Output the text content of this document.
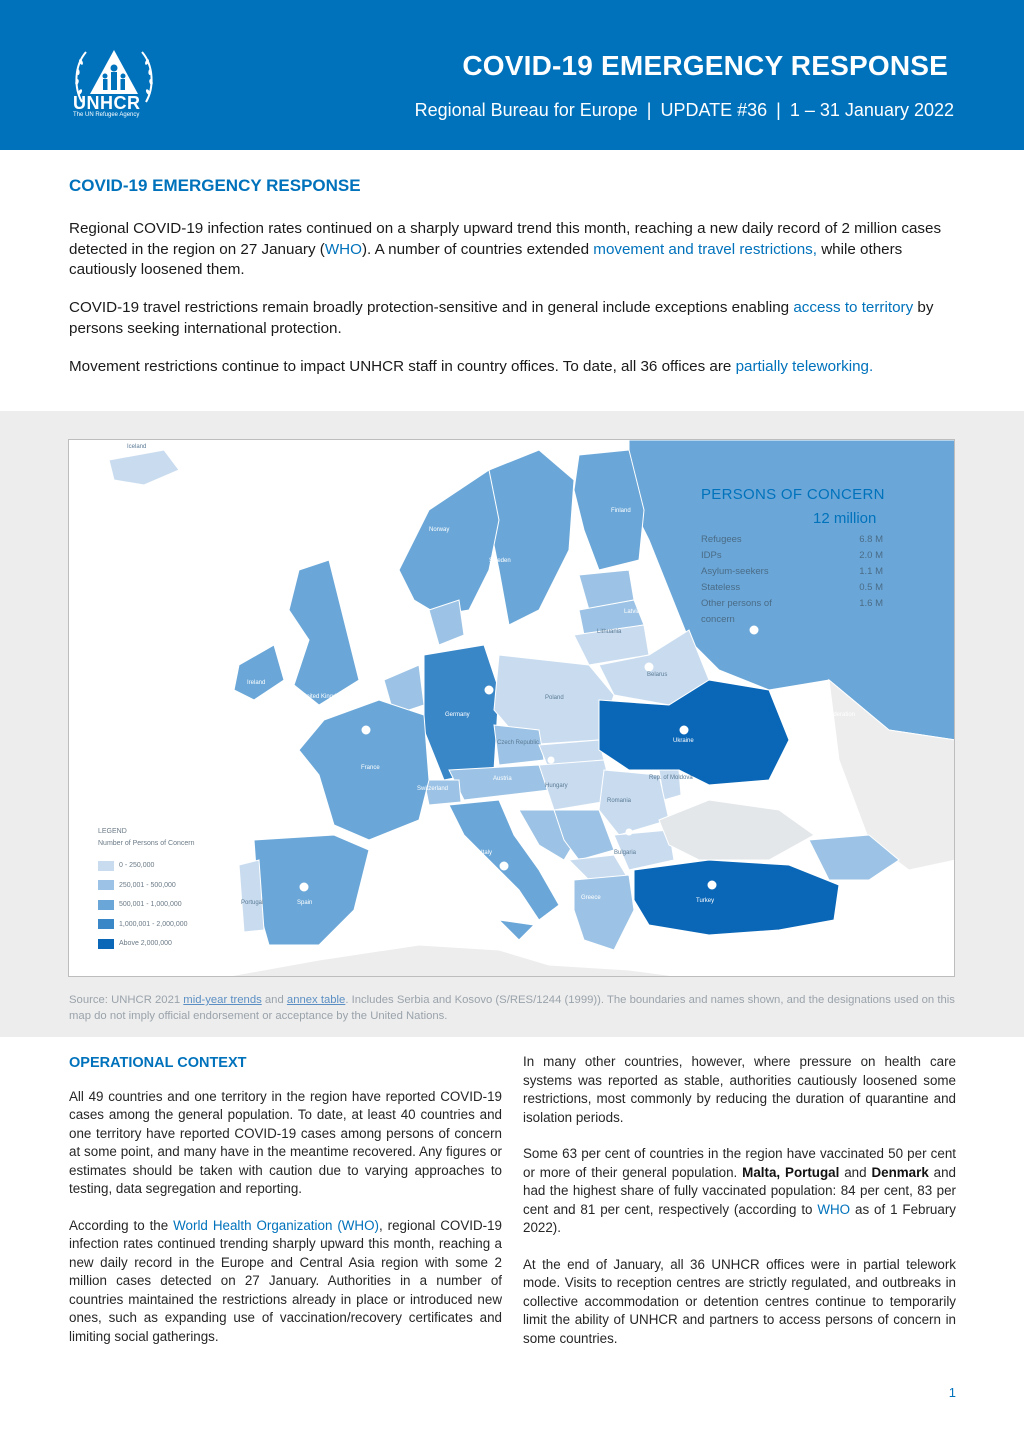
UNHCR
The UN Refugee Agency
COVID-19 EMERGENCY RESPONSE
Regional Bureau for Europe | UPDATE #36 | 1 – 31 January 2022
COVID-19 EMERGENCY RESPONSE
Regional COVID-19 infection rates continued on a sharply upward trend this month, reaching a new daily record of 2 million cases detected in the region on 27 January (WHO). A number of countries extended movement and travel restrictions, while others cautiously loosened them.
COVID-19 travel restrictions remain broadly protection-sensitive and in general include exceptions enabling access to territory by persons seeking international protection.
Movement restrictions continue to impact UNHCR staff in country offices. To date, all 36 offices are partially teleworking.
PERSONS OF CONCERN
12 million
Refugees	6.8 M
IDPs	2.0 M
Asylum-seekers	1.1 M
Stateless	0.5 M
Other persons of concern
1.6 M
LEGEND
Number of Persons of Concern
0 - 250,000
250,001 - 500,000
500,001 - 1,000,000
1,000,001 - 2,000,000
Above 2,000,000
Iceland
Norway
Sweden
Finland
Estonia
Latvia
Lithuania
Ireland
United Kingdom
Belarus
Poland
Germany	Russian Federation
Ukraine
France
Spain
Portugal
Italy
Romania
Turkey
Rep. of Moldova
Bulgaria
Greece
Hungary
Austria
Czech Republic
Switzerland
Azerbaijan
Source: UNHCR 2021 mid-year trends and annex table. Includes Serbia and Kosovo (S/RES/1244 (1999)). The boundaries and names shown, and the designations used on this map do not imply official endorsement or acceptance by the United Nations.
OPERATIONAL CONTEXT

All 49 countries and one territory in the region have reported COVID-19 cases among the general population. To date, at least 40 countries and one territory have reported COVID-19 cases among persons of concern at some point, and many have in the meantime recovered. Any figures or estimates should be taken with caution due to varying approaches to testing, data segregation and reporting.

According to the World Health Organization (WHO), regional COVID-19 infection rates continued trending sharply upward this month, reaching a new daily record in the Europe and Central Asia region with some 2 million cases detected on 27 January. Authorities in a number of countries maintained the restrictions already in place or introduced new ones, such as expanding use of vaccination/recovery certificates and limiting social gatherings.

In many other countries, however, where pressure on health care systems was reported as stable, authorities cautiously loosened some restrictions, most commonly by reducing the duration of quarantine and isolation periods.

Some 63 per cent of countries in the region have vaccinated 50 per cent or more of their general population. Malta, Portugal and Denmark and had the highest share of fully vaccinated population: 84 per cent, 83 per cent and 81 per cent, respectively (according to WHO as of 1 February 2022).

At the end of January, all 36 UNHCR offices were in partial telework mode. Visits to reception centres are strictly regulated, and outbreaks in collective accommodation or detention centres continue to temporarily limit the ability of UNHCR and partners to access persons of concern in some countries.

1
